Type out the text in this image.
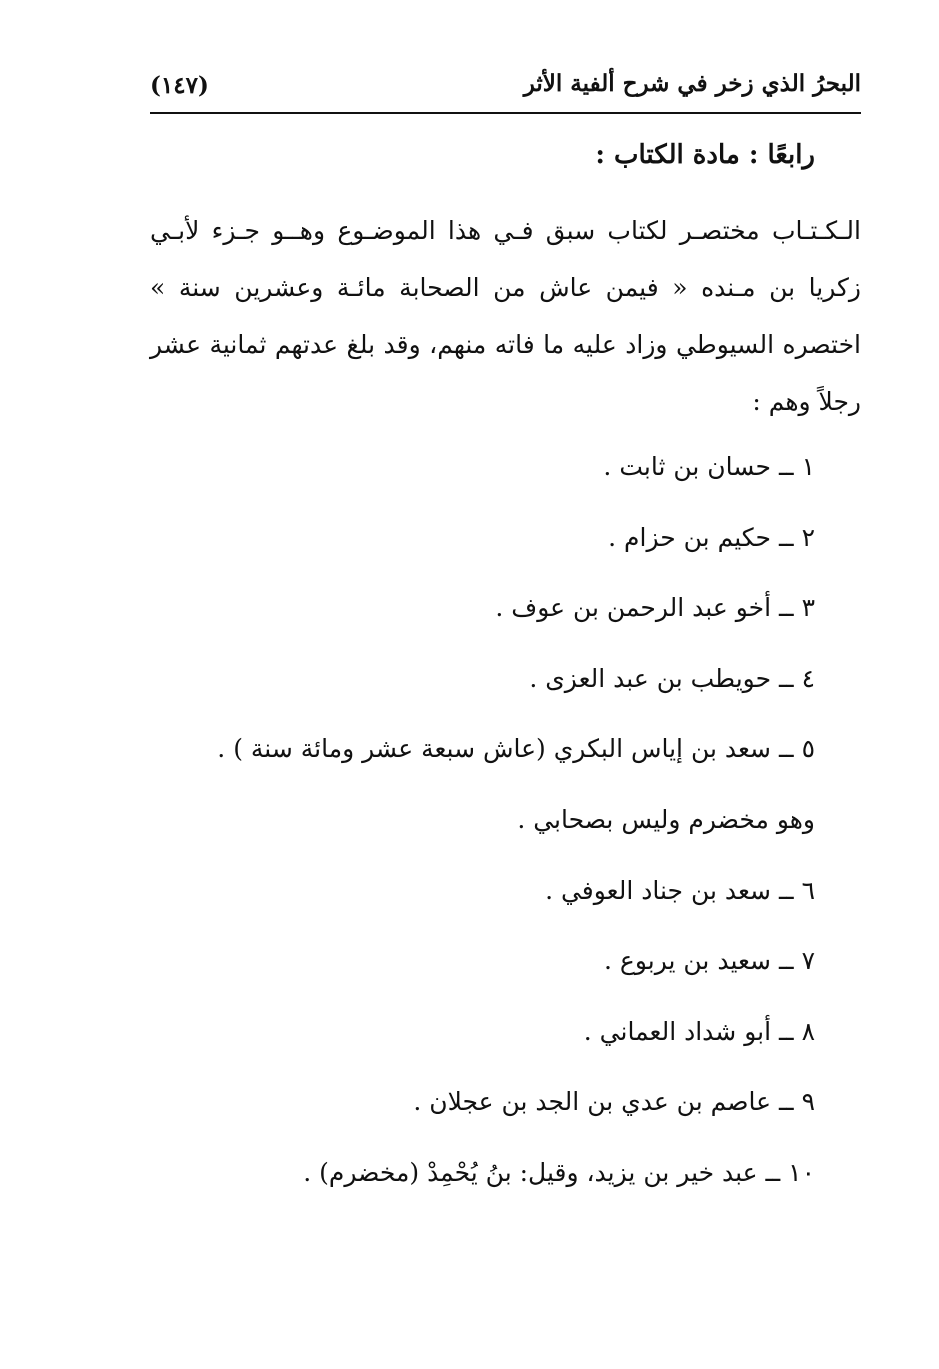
البحرُ الذي زخر في شرح ألفية الأثر
(١٤٧)
رابعًا : مادة الكتاب :
الـكـتـاب مختصـر لكتاب سبق فـي هذا الموضـوع وهــو جـزء لأبـي زكريا بن مـنده « فيمن عاش من الصحابة مائـة وعشرين سنة » اختصره السيوطي وزاد عليه ما فاته منهم، وقد بلغ عدتهم ثمانية عشر رجلاً وهم :
١ ــ حسان بن ثابت .
٢ ــ حكيم بن حزام .
٣ ــ أخو عبد الرحمن بن عوف .
٤ ــ حويطب بن عبد العزى .
٥ ــ سعد بن إياس البكري (عاش سبعة عشر ومائة سنة ) .
وهو مخضرم وليس بصحابي .
٦ ــ سعد بن جناد العوفي .
٧ ــ سعيد بن يربوع .
٨ ــ أبو شداد العماني .
٩ ــ عاصم بن عدي بن الجد بن عجلان .
١٠ ــ عبد خير بن يزيد، وقيل: بنُ يُحْمِدْ (مخضرم) .
